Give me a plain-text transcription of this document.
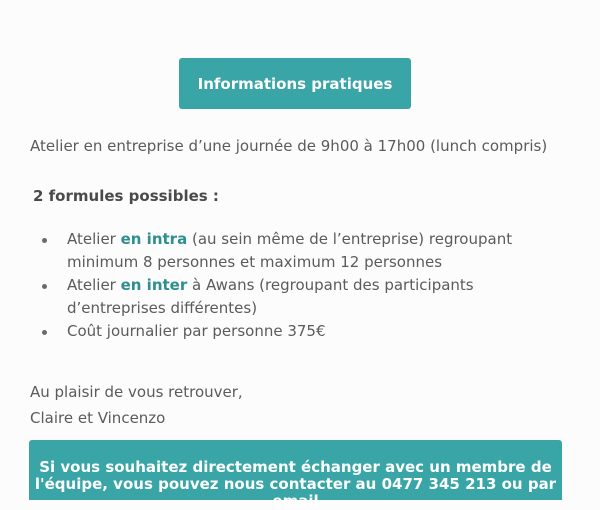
Informations pratiques

Atelier en entreprise d’une journée de 9h00 à 17h00 (lunch compris)

2 formules possibles :

Atelier en intra (au sein même de l’entreprise) regroupant minimum 8 personnes et maximum 12 personnes
Atelier en inter à Awans (regroupant des participants d’entreprises différentes)
Coût journalier par personne 375€

Au plaisir de vous retrouver,

Claire et Vincenzo

Si vous souhaitez directement échanger avec un membre de l'équipe, vous pouvez nous contacter au 0477 345 213 ou par email
